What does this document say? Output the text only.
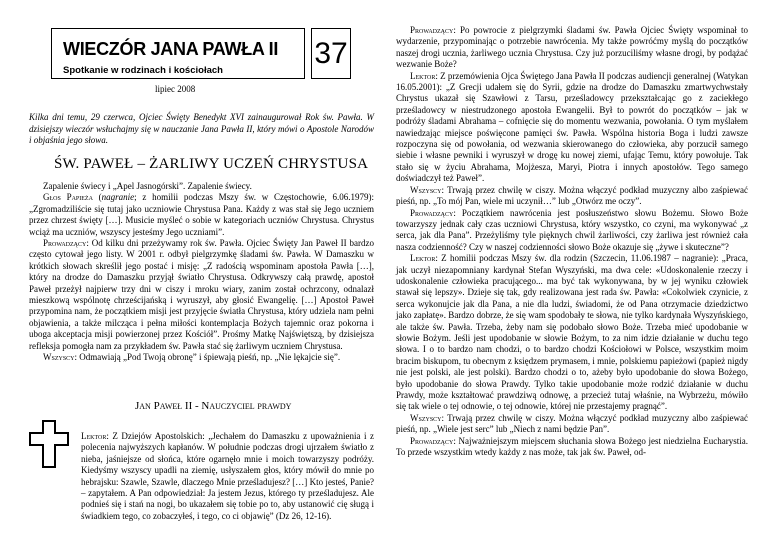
WIECZÓR JANA PAWŁA II
Spotkanie w rodzinach i kościołach
37
lipiec 2008
Kilka dni temu, 29 czerwca, Ojciec Święty Benedykt XVI zainaugurował Rok św. Pawła. W dzisiejszy wieczór wsłuchajmy się w nauczanie Jana Pawła II, który mówi o Apostole Narodów i objaśnia jego słowa.
ŚW. PAWEŁ – ŻARLIWY UCZEŃ CHRYSTUSA

Zapalenie świecy i „Apel Jasnogórski”. Zapalenie świecy.

Głos Papieża (nagranie; z homilii podczas Mszy św. w Częstochowie, 6.06.1979): „Zgromadziliście się tutaj jako uczniowie Chrystusa Pana. Każdy z was stał się Jego uczniem przez chrzest święty […]. Musicie myśleć o sobie w kategoriach uczniów Chrystusa. Chrystus wciąż ma uczniów, wszyscy jesteśmy Jego uczniami”.

Prowadzący: Od kilku dni przeżywamy rok św. Pawła. Ojciec Święty Jan Paweł II bardzo często cytował jego listy. W 2001 r. odbył pielgrzymkę śladami św. Pawła. W Damaszku w krótkich słowach skreślił jego postać i misję: „Z radością wspominam apostoła Pawła […], który na drodze do Damaszku przyjął światło Chrystusa. Odkrywszy całą prawdę, apostoł Paweł przeżył najpierw trzy dni w ciszy i mroku wiary, zanim został ochrzcony, odnalazł mieszkową wspólnotę chrześcijańską i wyruszył, aby głosić Ewangelię. […] Apostoł Paweł przypomina nam, że początkiem misji jest przyjęcie światła Chrystusa, który udziela nam pełni objawienia, a także milcząca i pełna miłości kontemplacja Bożych tajemnic oraz pokorna i uboga akceptacja misji powierzonej przez Kościół”. Prośmy Matkę Najświętszą, by dzisiejsza refleksja pomogła nam za przykładem św. Pawła stać się żarliwym uczniem Chrystusa.

Wszyscy: Odmawiają „Pod Twoją obronę” i śpiewają pieśń, np. „Nie lękajcie się”.

Jan Paweł II - Nauczyciel prawdy

Lektor: Z Dziejów Apostolskich: „Jechałem do Damaszku z upoważnienia i z polecenia najwyższych kapłanów. W południe podczas drogi ujrzałem światło z nieba, jaśniejsze od słońca, które ogarnęło mnie i moich towarzyszy podróży. Kiedyśmy wszyscy upadli na ziemię, usłyszałem głos, który mówił do mnie po hebrajsku: Szawle, Szawle, dlaczego Mnie prześladujesz? […] Kto jesteś, Panie? – zapytałem. A Pan odpowiedział: Ja jestem Jezus, którego ty prześladujesz. Ale podnieś się i stań na nogi, bo ukazałem się tobie po to, aby ustanowić cię sługą i świadkiem tego, co zobaczyłeś, i tego, co ci objawię” (Dz 26, 12-16).

Prowadzący: Po powrocie z pielgrzymki śladami św. Pawła Ojciec Święty wspominał to wydarzenie, przypominając o potrzebie nawrócenia. My także powróćmy myślą do początków naszej drogi ucznia, żarliwego ucznia Chrystusa. Czy już porzuciliśmy własne drogi, by podążać wezwanie Boże?

Lektor: Z przemówienia Ojca Świętego Jana Pawła II podczas audiencji generalnej (Watykan 16.05.2001): „Z Grecji udałem się do Syrii, gdzie na drodze do Damaszku zmartwychwstały Chrystus ukazał się Szawłowi z Tarsu, prześladowcy przekształcając go z zaciekłego prześladowcy w niestrudzonego apostoła Ewangelii. Był to powrót do początków – jak w podróży śladami Abrahama – cofnięcie się do momentu wezwania, powołania. O tym myślałem nawiedzając miejsce poświęcone pamięci św. Pawła. Wspólna historia Boga i ludzi zawsze rozpoczyna się od powołania, od wezwania skierowanego do człowieka, aby porzucił samego siebie i własne pewniki i wyruszył w drogę ku nowej ziemi, ufając Temu, który powołuje. Tak stało się w życiu Abrahama, Mojżesza, Maryi, Piotra i innych apostołów. Tego samego doświadczył też Paweł”.

Wszyscy: Trwają przez chwilę w ciszy. Można włączyć podkład muzyczny albo zaśpiewać pieśń, np. „To mój Pan, wiele mi uczynił…” lub „Otwórz me oczy”.

Prowadzący: Początkiem nawrócenia jest posłuszeństwo słowu Bożemu. Słowo Boże towarzyszy jednak cały czas uczniowi Chrystusa, który wszystko, co czyni, ma wykonywać „z serca, jak dla Pana”. Przeżyliśmy tyle pięknych chwil żarliwości, czy żarliwa jest również cała nasza codzienność? Czy w naszej codzienności słowo Boże okazuje się „żywe i skuteczne”?

Lektor: Z homilii podczas Mszy św. dla rodzin (Szczecin, 11.06.1987 – nagranie): „Praca, jak uczył niezapomniany kardynał Stefan Wyszyński, ma dwa cele: «Udoskonalenie rzeczy i udoskonalenie człowieka pracującego... ma być tak wykonywana, by w jej wyniku człowiek stawał się lepszy». Dzieje się tak, gdy realizowana jest rada św. Pawła: «Cokolwiek czynicie, z serca wykonujcie jak dla Pana, a nie dla ludzi, świadomi, że od Pana otrzymacie dziedzictwo jako zapłatę». Bardzo dobrze, że się wam spodobały te słowa, nie tylko kardynała Wyszyńskiego, ale także św. Pawła. Trzeba, żeby nam się podobało słowo Boże. Trzeba mieć upodobanie w słowie Bożym. Jeśli jest upodobanie w słowie Bożym, to za nim idzie działanie w duchu tego słowa. I o to bardzo nam chodzi, o to bardzo chodzi Kościołowi w Polsce, wszystkim moim bracim biskupom, tu obecnym z księdzem prymasem, i mnie, polskiemu papieżowi (papież nigdy nie jest polski, ale jest polski). Bardzo chodzi o to, ażeby było upodobanie do słowa Bożego, było upodobanie do słowa Prawdy. Tylko takie upodobanie może rodzić działanie w duchu Prawdy, może kształtować prawdziwą odnowę, a przecież tutaj właśnie, na Wybrzeżu, mówiło się tak wiele o tej odnowie, o tej odnowie, której nie przestajemy pragnąć”.

Wszyscy: Trwają przez chwilę w ciszy. Można włączyć podkład muzyczny albo zaśpiewać pieśń, np. „Wiele jest serc” lub „Niech z nami będzie Pan”.

Prowadzący: Najważniejszym miejscem słuchania słowa Bożego jest niedzielna Eucharystia. To przede wszystkim wtedy każdy z nas może, tak jak św. Paweł, od-
